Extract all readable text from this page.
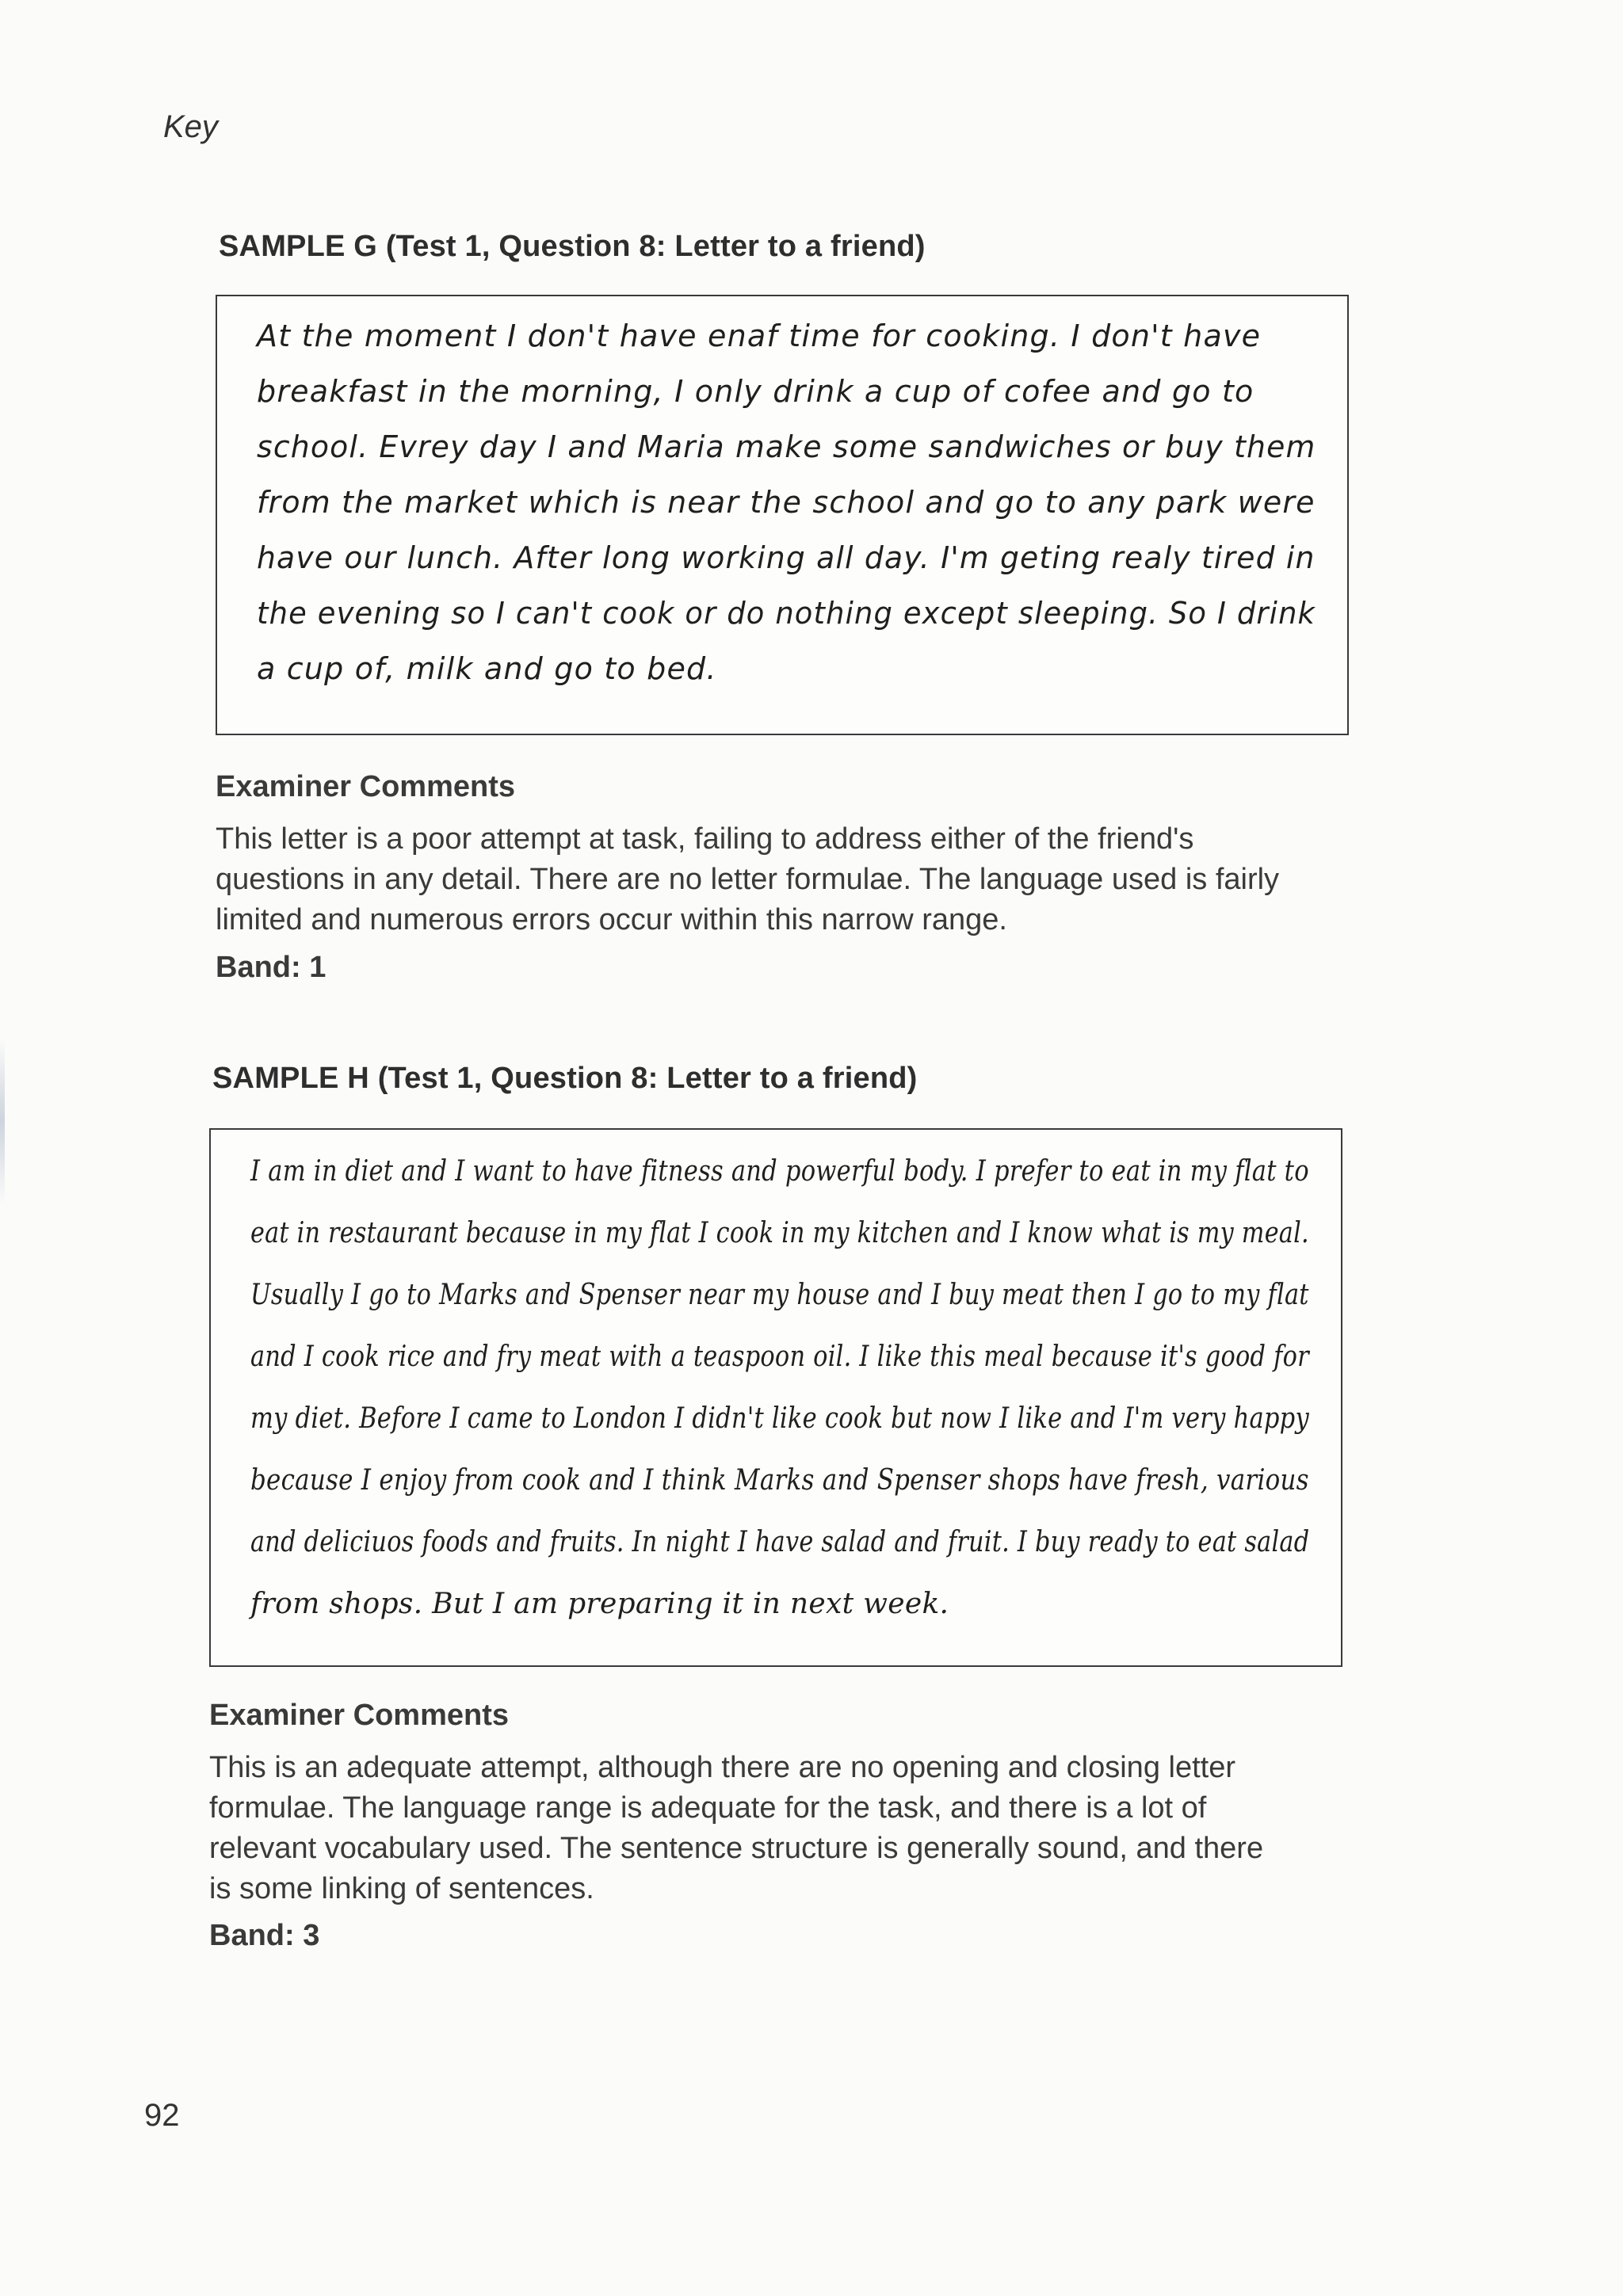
Key
SAMPLE G (Test 1, Question 8: Letter to a friend)
At the moment I don't have enaf time for cooking. I don't have
breakfast in the morning, I only drink a cup of cofee and go to
school. Evrey day I and Maria make some sandwiches or buy them
from the market which is near the school and go to any park were
have our lunch. After long working all day. I'm geting realy tired in
the evening so I can't cook or do nothing except sleeping. So I drink
a cup of, milk and go to bed.
Examiner Comments
This letter is a poor attempt at task, failing to address either of the friend's
questions in any detail. There are no letter formulae. The language used is fairly
limited and numerous errors occur within this narrow range.
Band: 1
SAMPLE H (Test 1, Question 8: Letter to a friend)
I am in diet and I want to have fitness and powerful body. I prefer to eat in my flat to
eat in restaurant because in my flat I cook in my kitchen and I know what is my meal.
Usually I go to Marks and Spenser near my house and I buy meat then I go to my flat
and I cook rice and fry meat with a teaspoon oil. I like this meal because it's good for
my diet. Before I came to London I didn't like cook but now I like and I'm very happy
because I enjoy from cook and I think Marks and Spenser shops have fresh, various
and deliciuos foods and fruits. In night I have salad and fruit. I buy ready to eat salad
from shops. But I am preparing it in next week.
Examiner Comments
This is an adequate attempt, although there are no opening and closing letter
formulae. The language range is adequate for the task, and there is a lot of
relevant vocabulary used. The sentence structure is generally sound, and there
is some linking of sentences.
Band: 3
92
